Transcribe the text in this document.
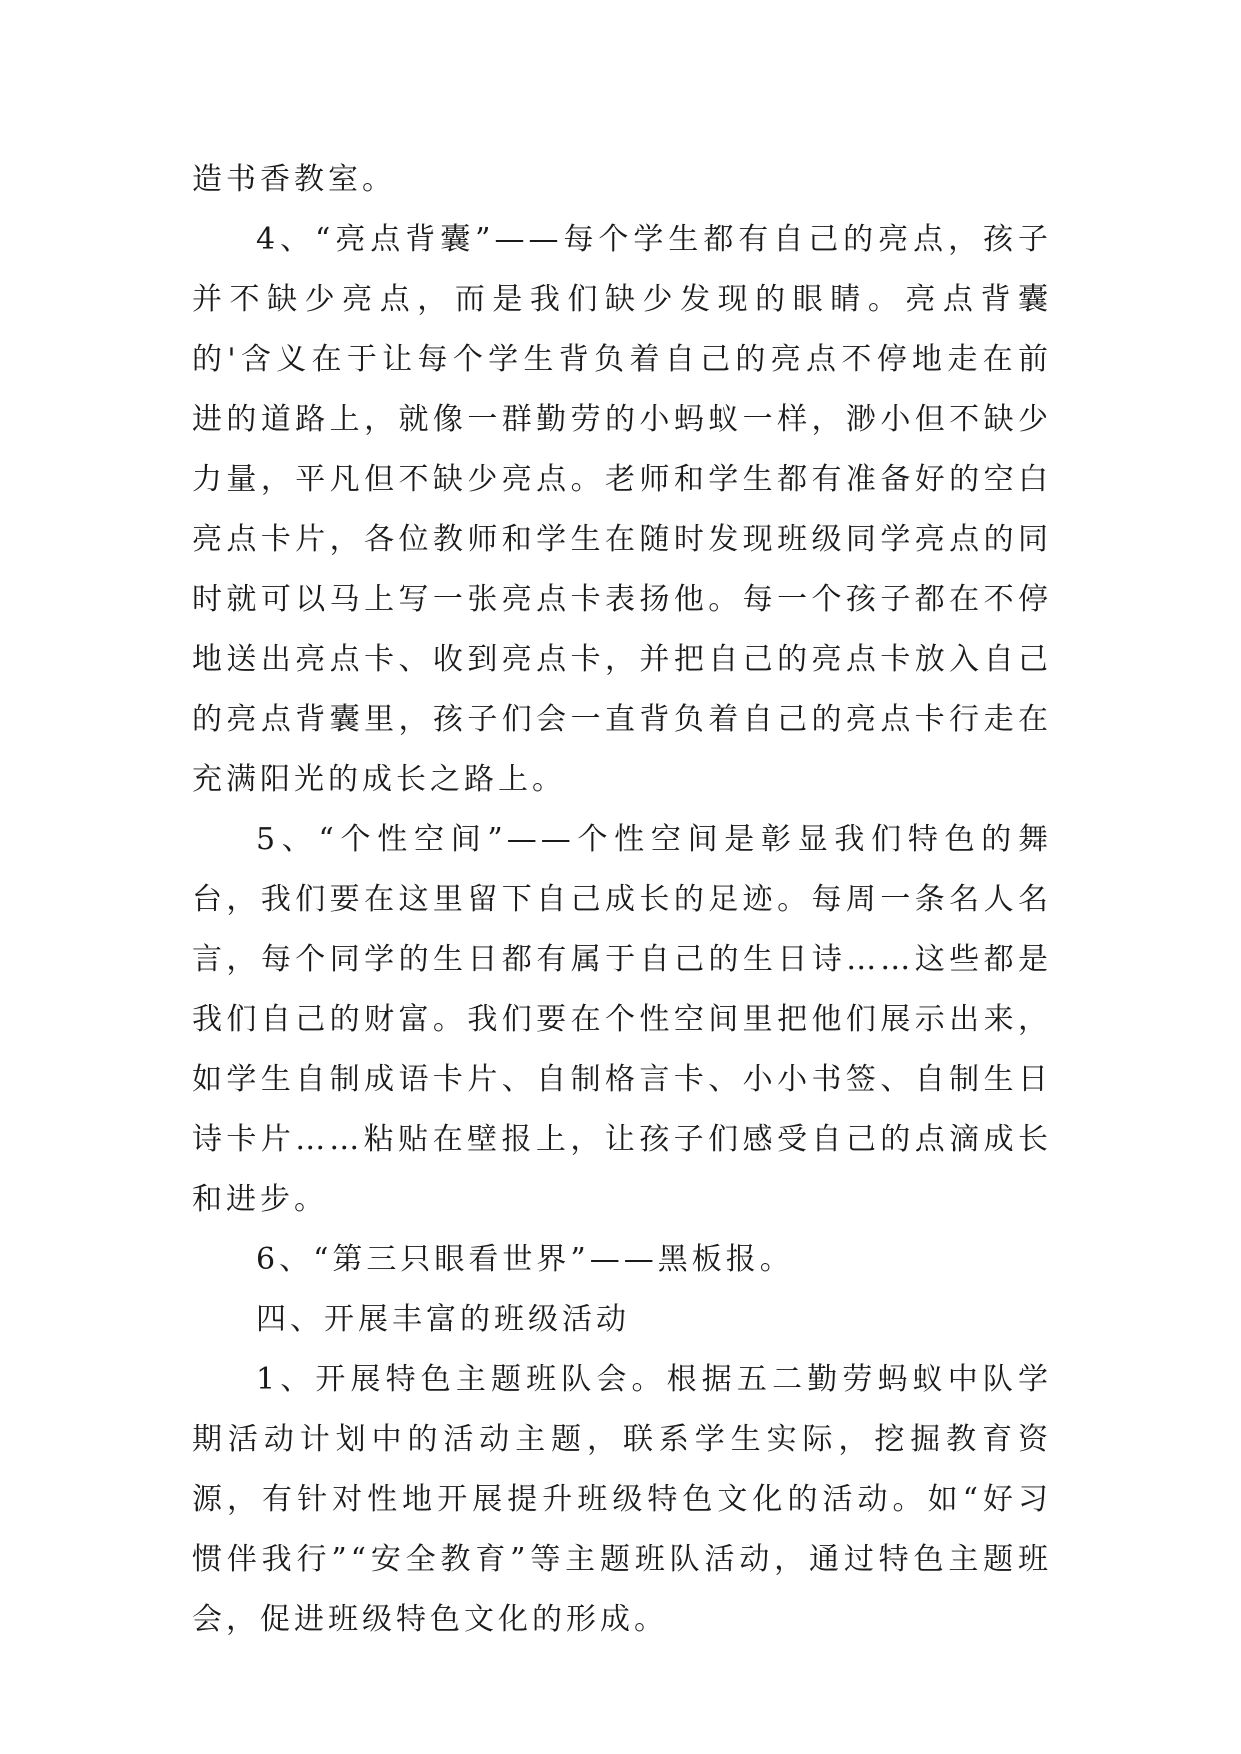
造书香教室。

4、“亮点背囊”——每个学生都有自己的亮点，孩子并不缺少亮点，而是我们缺少发现的眼睛。亮点背囊的'含义在于让每个学生背负着自己的亮点不停地走在前进的道路上，就像一群勤劳的小蚂蚁一样，渺小但不缺少力量，平凡但不缺少亮点。老师和学生都有准备好的空白亮点卡片，各位教师和学生在随时发现班级同学亮点的同时就可以马上写一张亮点卡表扬他。每一个孩子都在不停地送出亮点卡、收到亮点卡，并把自己的亮点卡放入自己的亮点背囊里，孩子们会一直背负着自己的亮点卡行走在充满阳光的成长之路上。

5、“个性空间”——个性空间是彰显我们特色的舞台，我们要在这里留下自己成长的足迹。每周一条名人名言，每个同学的生日都有属于自己的生日诗……这些都是我们自己的财富。我们要在个性空间里把他们展示出来，如学生自制成语卡片、自制格言卡、小小书签、自制生日诗卡片……粘贴在壁报上，让孩子们感受自己的点滴成长和进步。

6、“第三只眼看世界”——黑板报。

四、开展丰富的班级活动

1、开展特色主题班队会。根据五二勤劳蚂蚁中队学期活动计划中的活动主题，联系学生实际，挖掘教育资源，有针对性地开展提升班级特色文化的活动。如“好习惯伴我行”“安全教育”等主题班队活动，通过特色主题班会，促进班级特色文化的形成。
